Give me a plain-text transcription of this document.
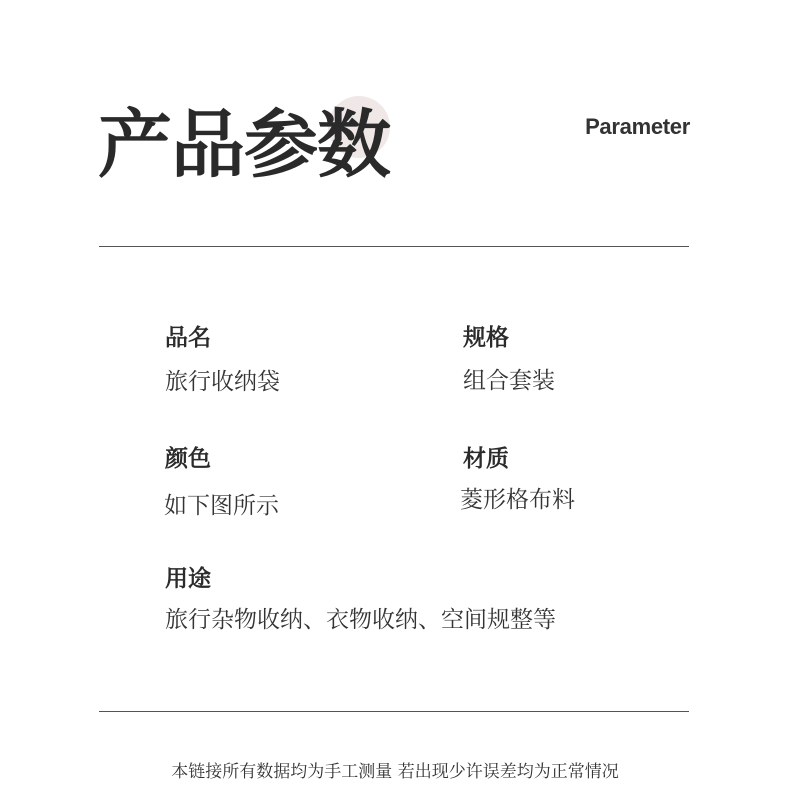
产品参数	Parameter
品名
旅行收纳袋
规格
组合套装
颜色
如下图所示
材质
菱形格布料
用途
旅行杂物收纳、衣物收纳、空间规整等
本链接所有数据均为手工测量 若出现少许误差均为正常情况
